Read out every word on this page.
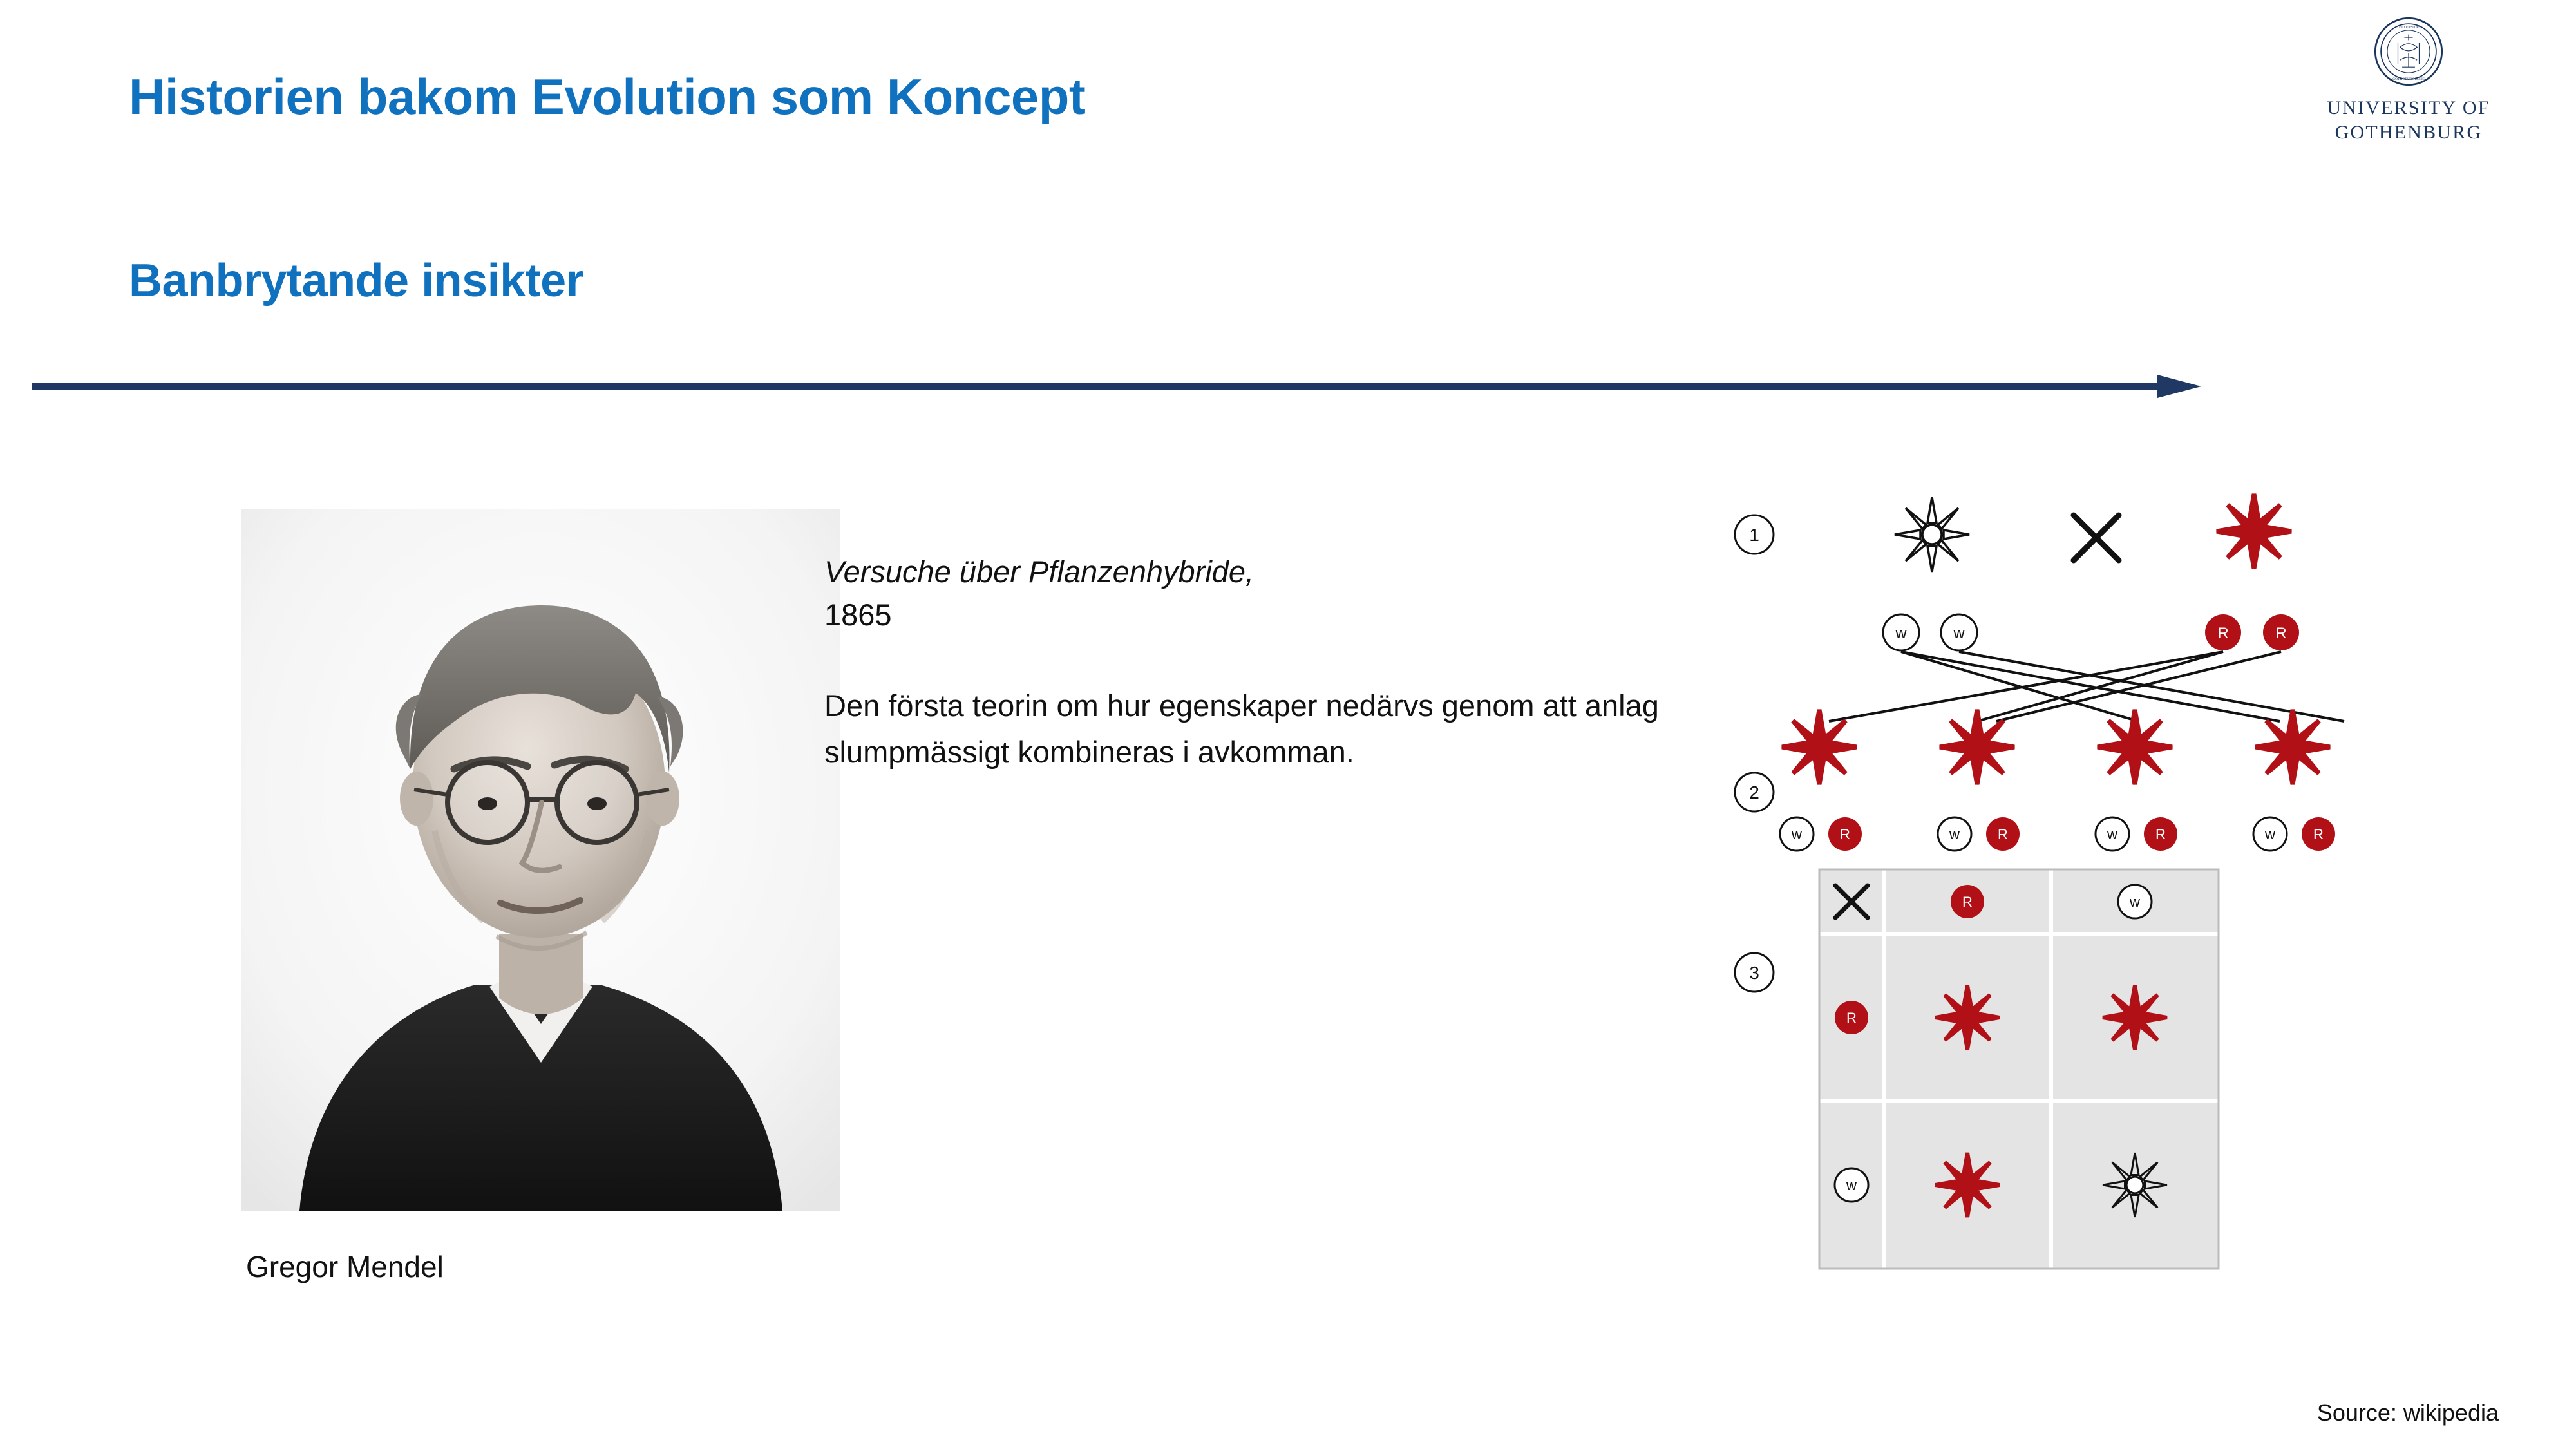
Historien bakom Evolution som Koncept
Banbrytande insikter
UNIVERSITAS
GOTHOBURGENSIS
UNIVERSITY OF
GOTHENBURG
Gregor Mendel
Versuche über Pflanzenhybride,
1865
Den första teorin om hur egenskaper nedärvs genom att anlag slumpmässigt kombineras i avkomman.
1
2
3
w	w	R	R
w	R	w	R	w	R	w	R
R	w
R
w
Source: wikipedia
